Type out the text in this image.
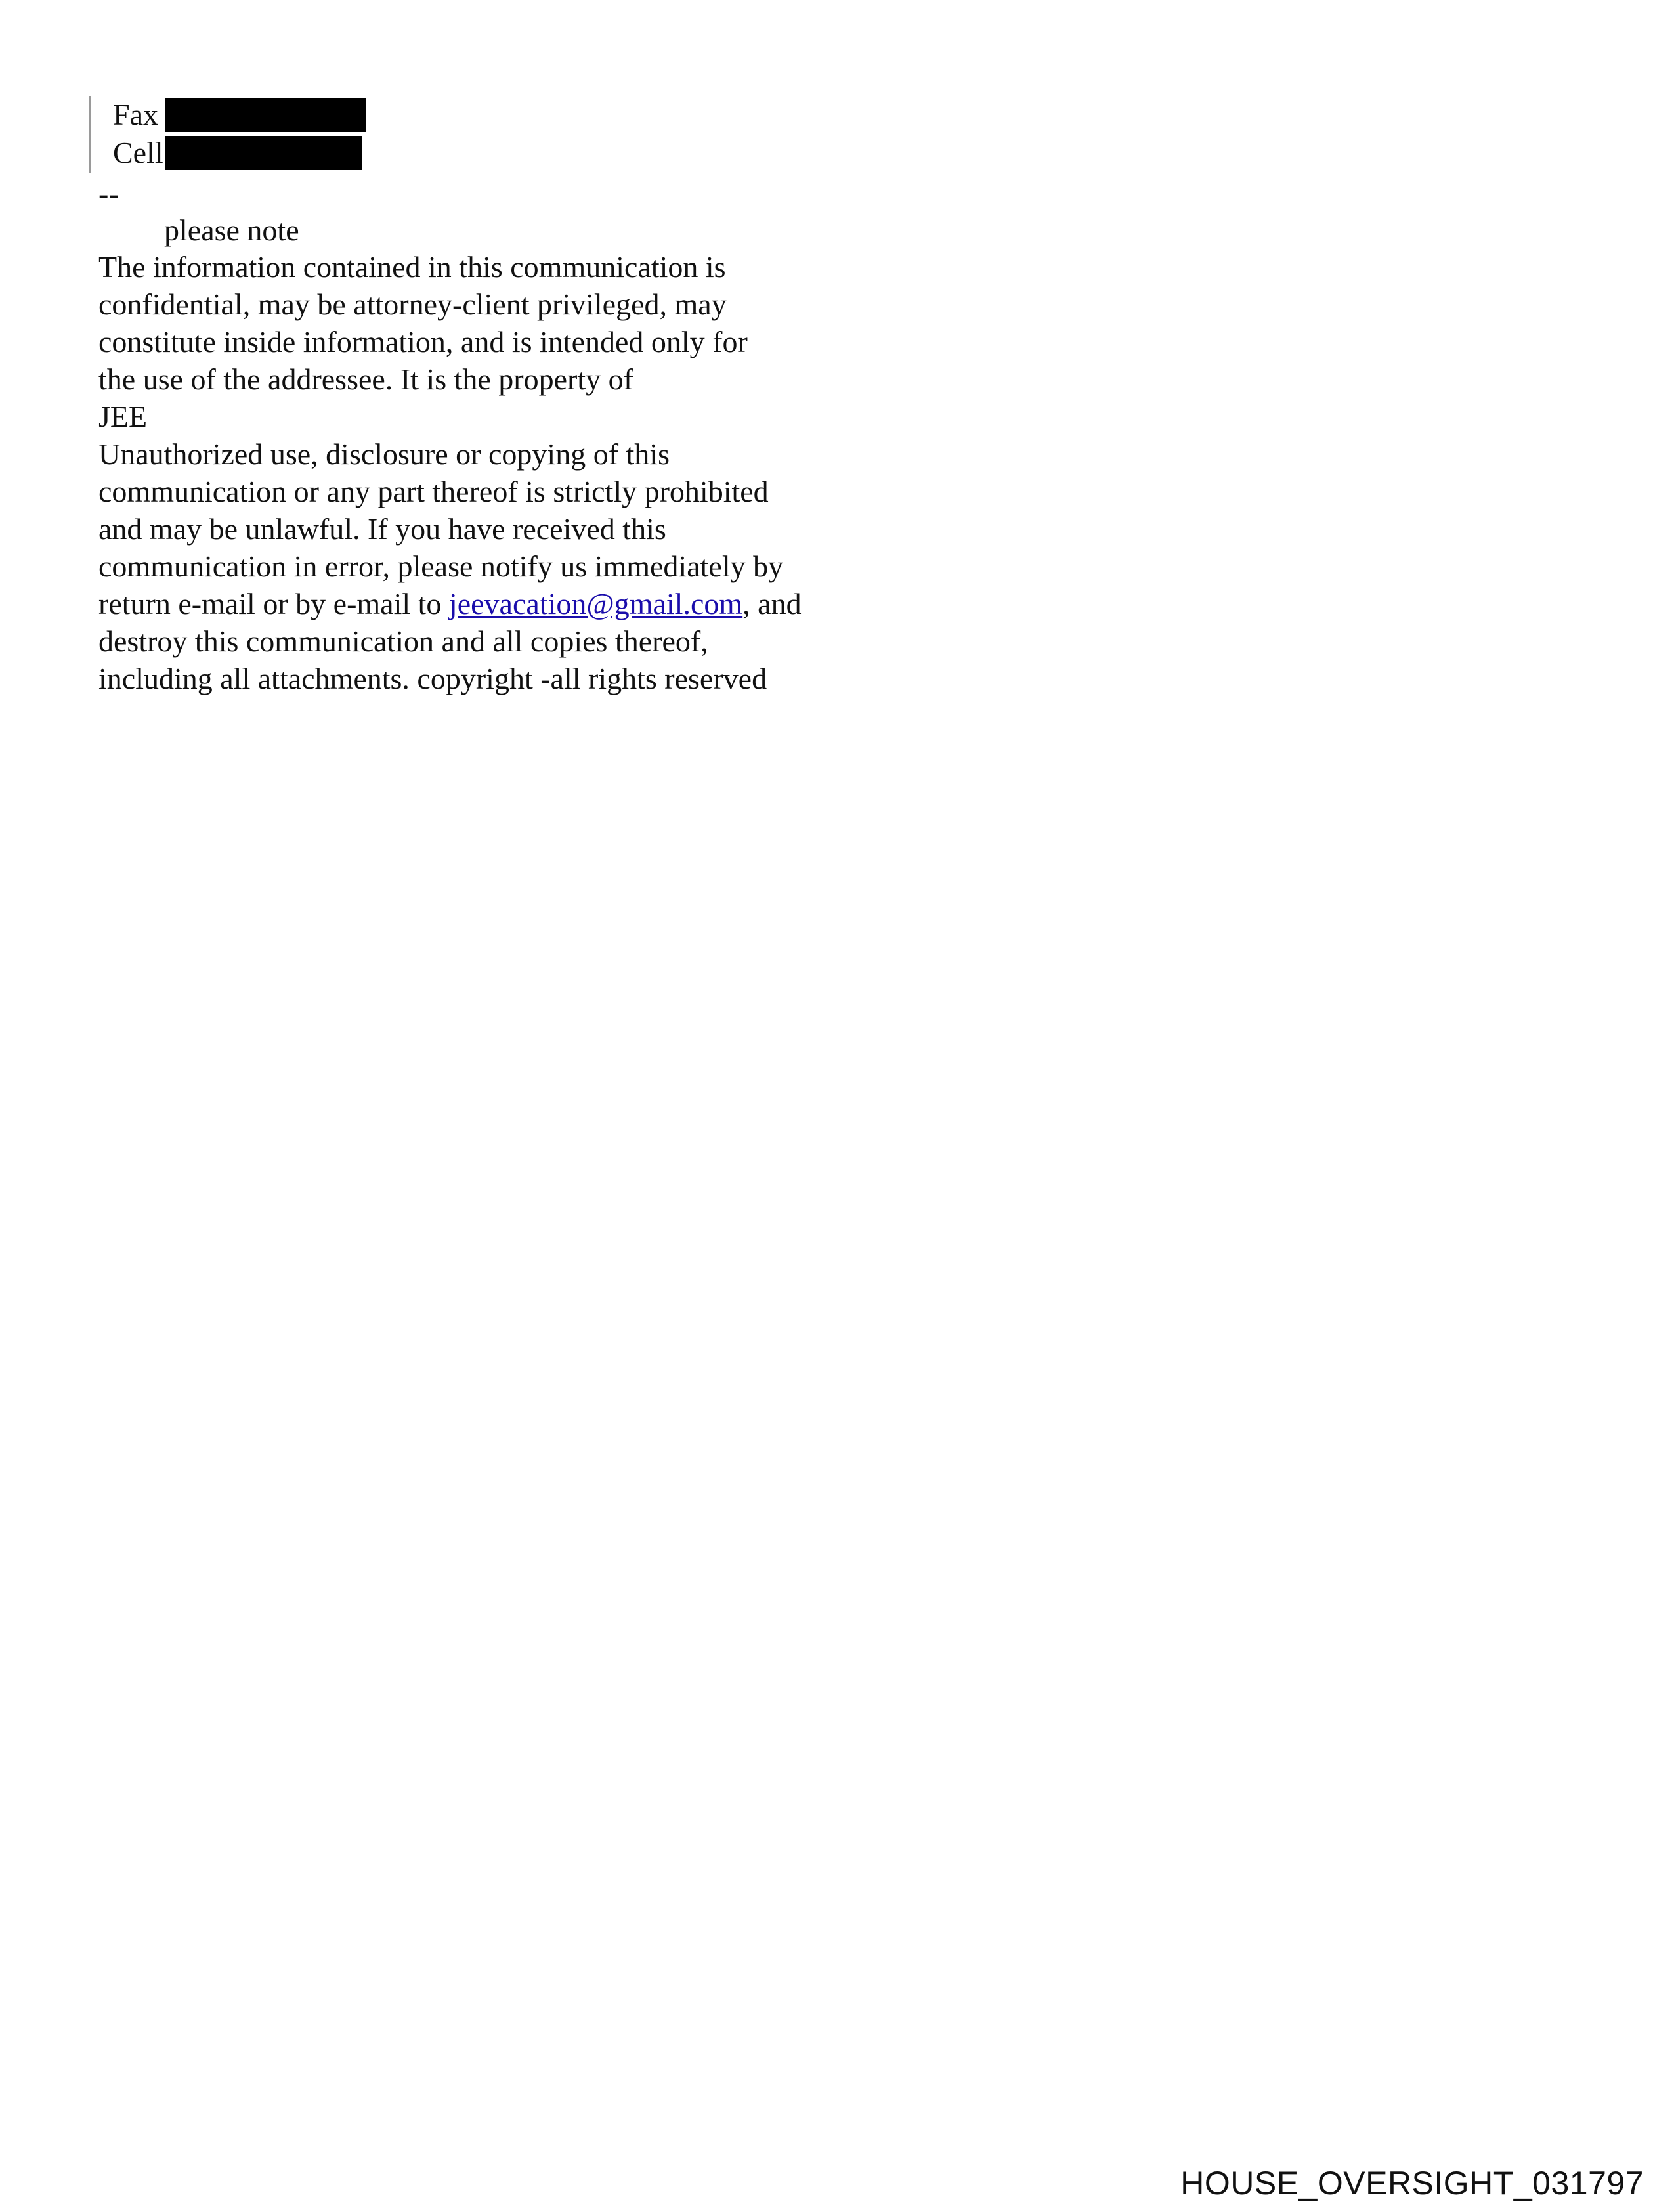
Fax
Cell
--
please note
The information contained in this communication is
confidential, may be attorney-client privileged, may
constitute inside information, and is intended only for
the use of the addressee. It is the property of
JEE
Unauthorized use, disclosure or copying of this
communication or any part thereof is strictly prohibited
and may be unlawful. If you have received this
communication in error, please notify us immediately by
return e-mail or by e-mail to jeevacation@gmail.com, and
destroy this communication and all copies thereof,
including all attachments. copyright -all rights reserved
HOUSE_OVERSIGHT_031797
